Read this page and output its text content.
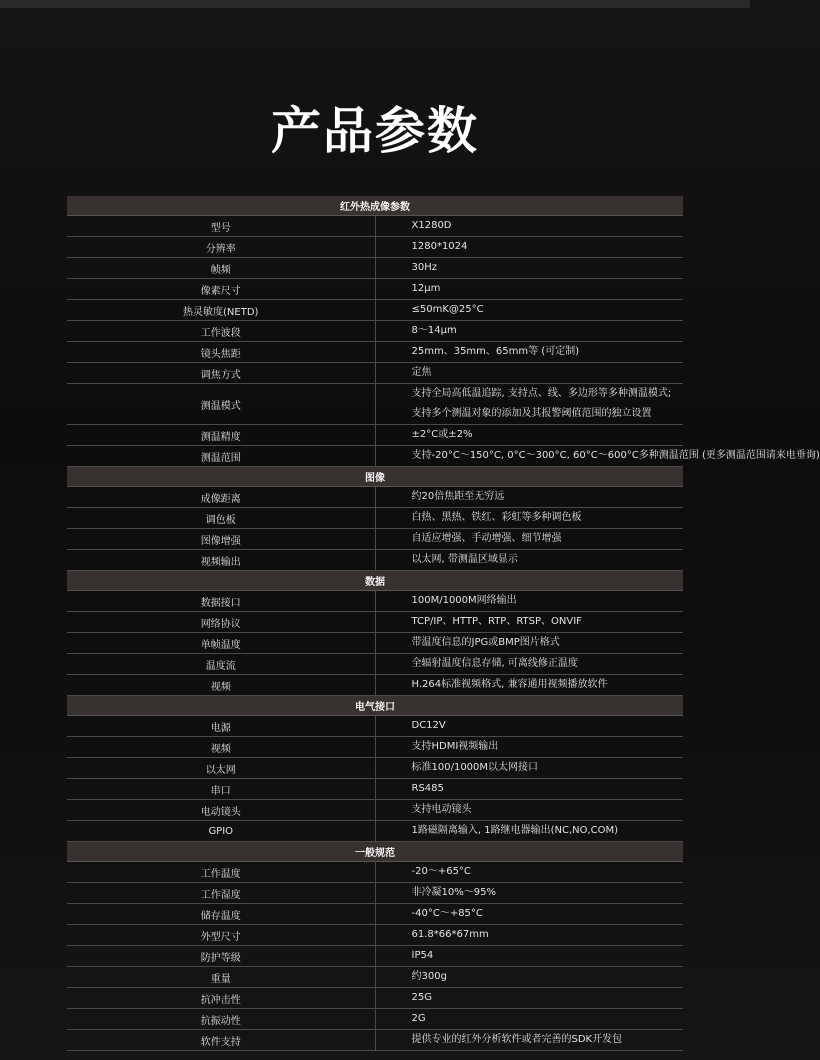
产品参数
红外热成像参数	
型号	X1280D

分辨率	1280*1024

帧频	30Hz

像素尺寸	12μm

热灵敏度(NETD)	≤50mK@25°C

工作波段	8～14μm

镜头焦距	25mm、35mm、65mm等 (可定制)

调焦方式	定焦

测温模式	支持全局高低温追踪, 支持点、线、多边形等多种测温模式;
支持多个测温对象的添加及其报警阈值范围的独立设置

测温精度	±2°C或±2%

测温范围	支持-20°C～150°C, 0°C～300°C, 60°C～600°C多种测温范围 (更多测温范围请来电垂询)

图像	
成像距离	约20倍焦距至无穷远

调色板	白热、黑热、铁红、彩虹等多种调色板

图像增强	自适应增强、手动增强、细节增强

视频输出	以太网, 带测温区域显示

数据	
数据接口	100M/1000M网络输出

网络协议	TCP/IP、HTTP、RTP、RTSP、ONVIF

单帧温度	带温度信息的JPG或BMP图片格式

温度流	全辐射温度信息存储, 可离线修正温度

视频	H.264标准视频格式, 兼容通用视频播放软件

电气接口	
电源	DC12V

视频	支持HDMI视频输出

以太网	标准100/1000M以太网接口

串口	RS485

电动镜头	支持电动镜头

GPIO	1路磁隔离输入, 1路继电器输出(NC,NO,COM)

一般规范	
工作温度	-20～+65°C

工作湿度	非冷凝10%～95%

储存温度	-40°C～+85°C

外型尺寸	61.8*66*67mm

防护等级	IP54

重量	约300g

抗冲击性	25G

抗振动性	2G

软件支持	提供专业的红外分析软件或者完善的SDK开发包
